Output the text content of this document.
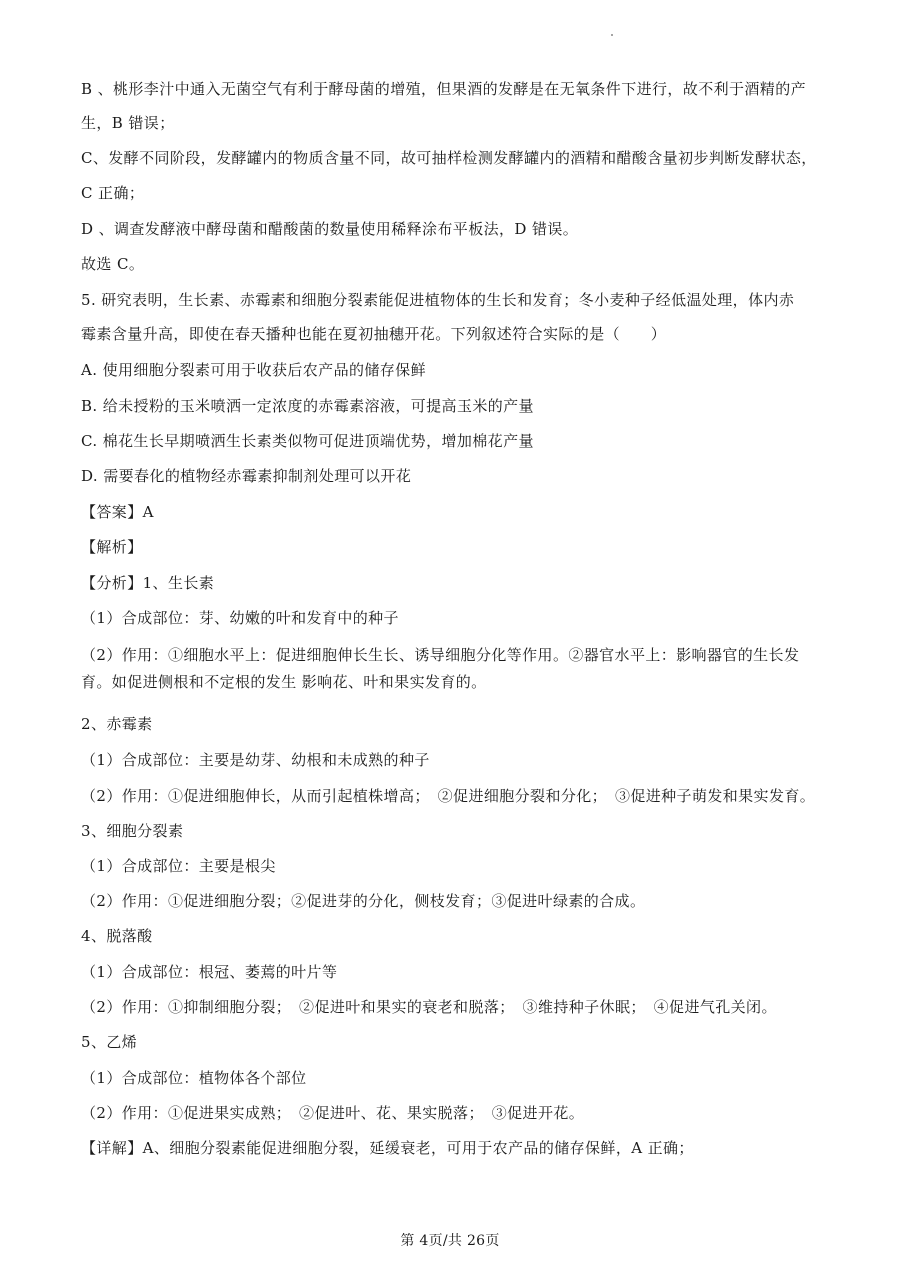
B 、桃形李汁中通入无菌空气有利于酵母菌的增殖，但果酒的发酵是在无氧条件下进行，故不利于酒精的产
生，B 错误；
C、发酵不同阶段，发酵罐内的物质含量不同，故可抽样检测发酵罐内的酒精和醋酸含量初步判断发酵状态，
C 正确；
D 、调查发酵液中酵母菌和醋酸菌的数量使用稀释涂布平板法，D 错误。
故选 C。
5. 研究表明，生长素、赤霉素和细胞分裂素能促进植物体的生长和发育；冬小麦种子经低温处理，体内赤
霉素含量升高，即使在春天播种也能在夏初抽穗开花。下列叙述符合实际的是（　　）
A. 使用细胞分裂素可用于收获后农产品的储存保鲜
B. 给未授粉的玉米喷洒一定浓度的赤霉素溶液，可提高玉米的产量
C. 棉花生长早期喷洒生长素类似物可促进顶端优势，增加棉花产量
D. 需要春化的植物经赤霉素抑制剂处理可以开花
【答案】A
【解析】
【分析】1、生长素
（1）合成部位：芽、幼嫩的叶和发育中的种子
（2）作用：①细胞水平上：促进细胞伸长生长、诱导细胞分化等作用。②器官水平上：影响器官的生长发
育。如促进侧根和不定根的发生 影响花、叶和果实发育的。
2、赤霉素
（1）合成部位：主要是幼芽、幼根和未成熟的种子
（2）作用：①促进细胞伸长，从而引起植株增高；　②促进细胞分裂和分化；　③促进种子萌发和果实发育。
3、细胞分裂素
（1）合成部位：主要是根尖
（2）作用：①促进细胞分裂；②促进芽的分化，侧枝发育；③促进叶绿素的合成。
4、脱落酸
（1）合成部位：根冠、萎蔫的叶片等
（2）作用：①抑制细胞分裂；　②促进叶和果实的衰老和脱落；　③维持种子休眠；　④促进气孔关闭。
5、乙烯
（1）合成部位：植物体各个部位
（2）作用：①促进果实成熟；　②促进叶、花、果实脱落；　③促进开花。
【详解】A、细胞分裂素能促进细胞分裂，延缓衰老，可用于农产品的储存保鲜，A 正确；
第 4页/共 26页
